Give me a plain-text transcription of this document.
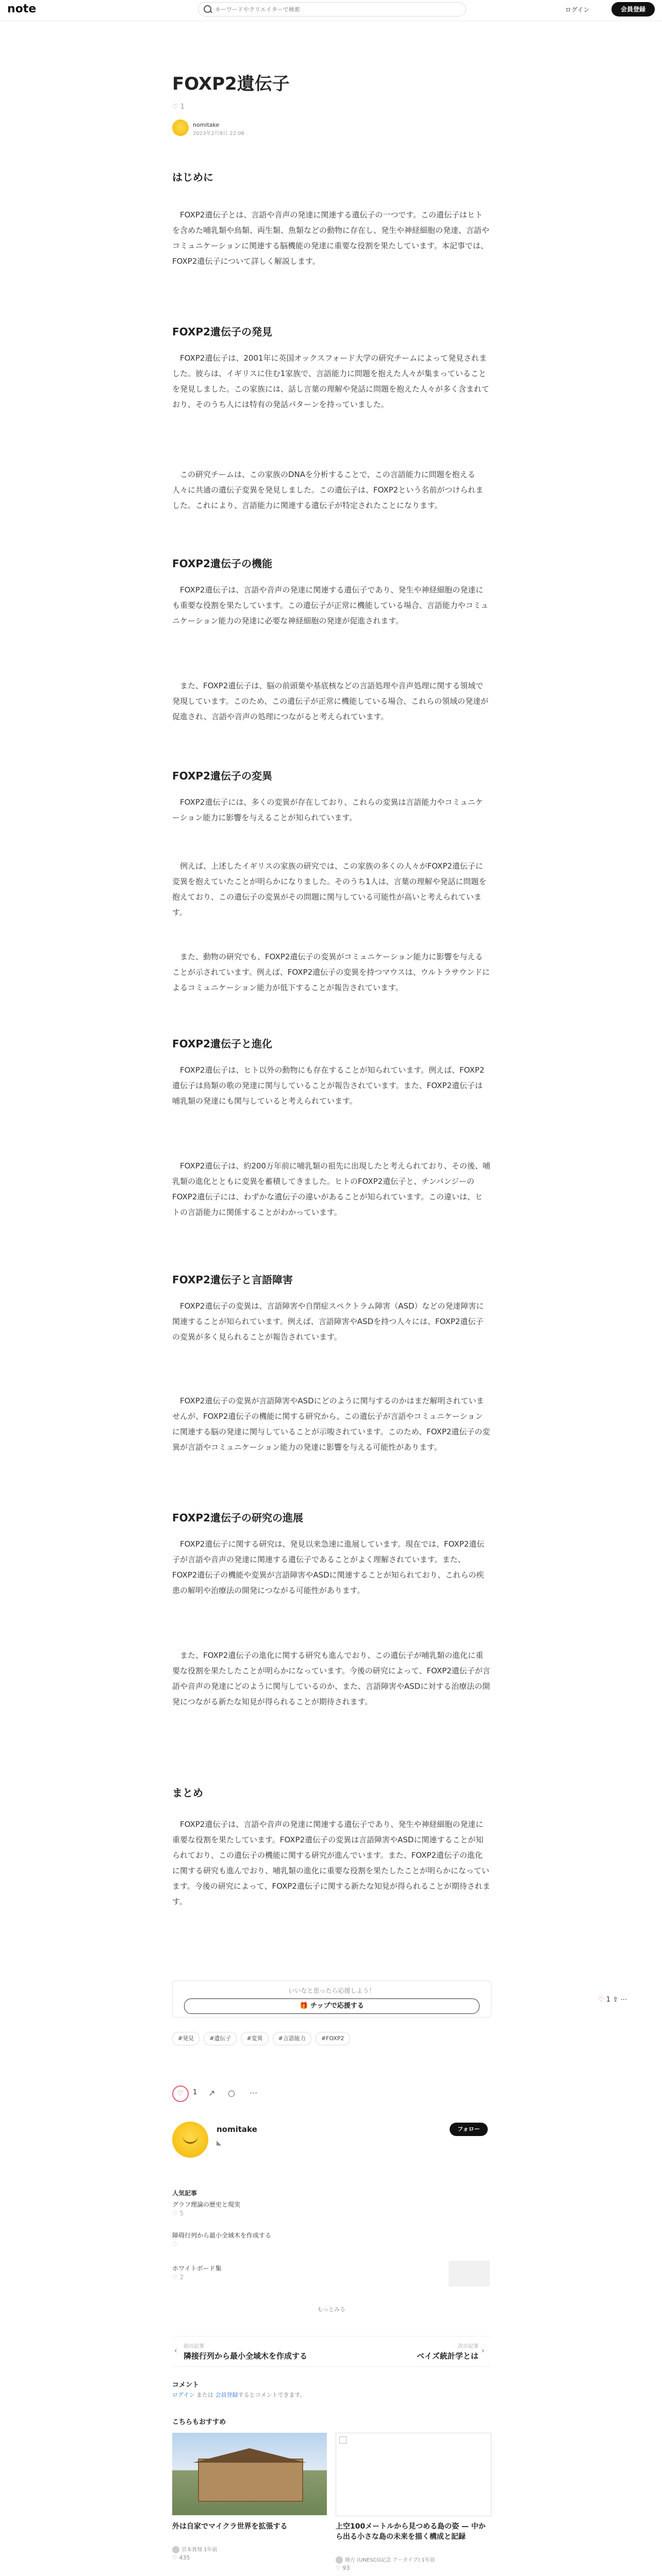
note
キーワードやクリエイターで検索	ログイン	会員登録
FOXP2遺伝子
♡ 1
nomitake
2023年2月8日 22:06
はじめに
FOXP2遺伝子とは、言語や音声の発達に関連する遺伝子の一つです。この遺伝子はヒトを含めた哺乳類や鳥類、両生類、魚類などの動物に存在し、発生や神経細胞の発達、言語やコミュニケーションに関連する脳機能の発達に重要な役割を果たしています。本記事では、FOXP2遺伝子について詳しく解説します。
FOXP2遺伝子の発見
FOXP2遺伝子は、2001年に英国オックスフォード大学の研究チームによって発見されました。彼らは、イギリスに住む1家族で、言語能力に問題を抱えた人々が集まっていることを発見しました。この家族には、話し言葉の理解や発話に問題を抱えた人々が多く含まれており、そのうち人には特有の発話パターンを持っていました。
この研究チームは、この家族のDNAを分析することで、この言語能力に問題を抱える人々に共通の遺伝子変異を発見しました。この遺伝子は、FOXP2という名前がつけられました。これにより、言語能力に関連する遺伝子が特定されたことになります。
FOXP2遺伝子の機能
FOXP2遺伝子は、言語や音声の発達に関連する遺伝子であり、発生や神経細胞の発達にも重要な役割を果たしています。この遺伝子が正常に機能している場合、言語能力やコミュニケーション能力の発達に必要な神経細胞の発達が促進されます。
また、FOXP2遺伝子は、脳の前頭葉や基底核などの言語処理や音声処理に関する領域で発現しています。このため、この遺伝子が正常に機能している場合、これらの領域の発達が促進され、言語や音声の処理につながると考えられています。
FOXP2遺伝子の変異
FOXP2遺伝子には、多くの変異が存在しており、これらの変異は言語能力やコミュニケーション能力に影響を与えることが知られています。
例えば、上述したイギリスの家族の研究では、この家族の多くの人々がFOXP2遺伝子に変異を抱えていたことが明らかになりました。そのうち1人は、言葉の理解や発話に問題を抱えており、この遺伝子の変異がその問題に関与している可能性が高いと考えられています。
また、動物の研究でも、FOXP2遺伝子の変異がコミュニケーション能力に影響を与えることが示されています。例えば、FOXP2遺伝子の変異を持つマウスは、ウルトラサウンドによるコミュニケーション能力が低下することが報告されています。
FOXP2遺伝子と進化
FOXP2遺伝子は、ヒト以外の動物にも存在することが知られています。例えば、FOXP2遺伝子は鳥類の歌の発達に関与していることが報告されています。また、FOXP2遺伝子は哺乳類の発達にも関与していると考えられています。
FOXP2遺伝子は、約200万年前に哺乳類の祖先に出現したと考えられており、その後、哺乳類の進化とともに変異を蓄積してきました。ヒトのFOXP2遺伝子と、チンパンジーのFOXP2遺伝子には、わずかな遺伝子の違いがあることが知られています。この違いは、ヒトの言語能力に関係することがわかっています。
FOXP2遺伝子と言語障害
FOXP2遺伝子の変異は、言語障害や自閉症スペクトラム障害（ASD）などの発達障害に関連することが知られています。例えば、言語障害やASDを持つ人々には、FOXP2遺伝子の変異が多く見られることが報告されています。
FOXP2遺伝子の変異が言語障害やASDにどのように関与するのかはまだ解明されていませんが、FOXP2遺伝子の機能に関する研究から、この遺伝子が言語やコミュニケーションに関連する脳の発達に関与していることが示唆されています。このため、FOXP2遺伝子の変異が言語やコミュニケーション能力の発達に影響を与える可能性があります。
FOXP2遺伝子の研究の進展
FOXP2遺伝子に関する研究は、発見以来急速に進展しています。現在では、FOXP2遺伝子が言語や音声の発達に関連する遺伝子であることがよく理解されています。また、FOXP2遺伝子の機能や変異が言語障害やASDに関連することが知られており、これらの疾患の解明や治療法の開発につながる可能性があります。
また、FOXP2遺伝子の進化に関する研究も進んでおり、この遺伝子が哺乳類の進化に重要な役割を果たしたことが明らかになっています。今後の研究によって、FOXP2遺伝子が言語や音声の発達にどのように関与しているのか、また、言語障害やASDに対する治療法の開発につながる新たな知見が得られることが期待されます。
まとめ
FOXP2遺伝子は、言語や音声の発達に関連する遺伝子であり、発生や神経細胞の発達に重要な役割を果たしています。FOXP2遺伝子の変異は言語障害やASDに関連することが知られており、この遺伝子の機能に関する研究が進んでいます。また、FOXP2遺伝子の進化に関する研究も進んでおり、哺乳類の進化に重要な役割を果たしたことが明らかになっています。今後の研究によって、FOXP2遺伝子に関する新たな知見が得られることが期待されます。
いいなと思ったら応援しよう！
🎁 チップで応援する
#発見	#遺伝子	#変異	#言語能力	#FOXP2
♡	1 ↗ ○ ···
nomitake
◣
フォロー
人気記事
グラフ理論の歴史と現実
♡ 5
障碍行列から最小全域木を作成する
♡
ホワイトボード集
♡ 2
もっとみる
‹
前の記事
隣接行列から最小全域木を作成する
次の記事
ベイズ統計学とは
›
コメント
ログイン または 会員登録するとコメントできます。
こちらもおすすめ
外は自家でマイクラ世界を拡張する
宮本貴翔 1年前
♡ 435
上空100メートルから見つめる島の姿 — 中から出る小さな島の未来を描く構成と記録
地方 (UNESCO記念 アーカイブ) 1年前
♡ 93
♡ 1 ⇪ ⋯
